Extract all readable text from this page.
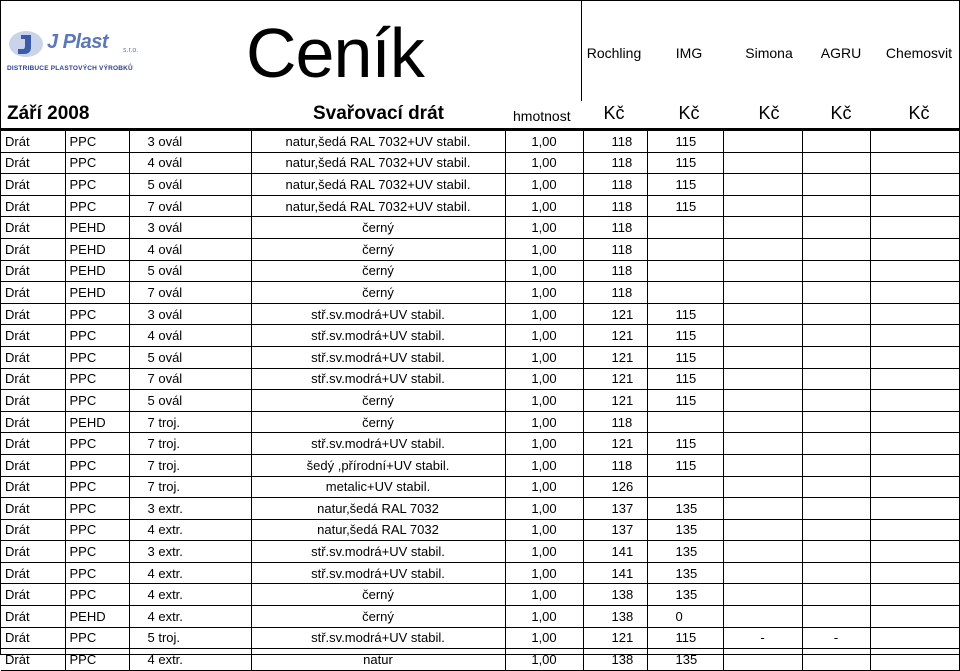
J Plast s.r.o.
DISTRIBUCE PLASTOVÝCH VÝROBKŮ Ceník	Rochling	IMG	Simona	AGRU	Chemosvit
Září 2008	Svařovací drát	hmotnost	Kč	Kč	Kč	Kč	Kč
Drát	PPC	3 ovál	natur,šedá RAL 7032+UV stabil.	1,00	118	115			
Drát	PPC	4 ovál	natur,šedá RAL 7032+UV stabil.	1,00	118	115			
Drát	PPC	5 ovál	natur,šedá RAL 7032+UV stabil.	1,00	118	115			
Drát	PPC	7 ovál	natur,šedá RAL 7032+UV stabil.	1,00	118	115			
Drát	PEHD	3 ovál	černý	1,00	118				
Drát	PEHD	4 ovál	černý	1,00	118				
Drát	PEHD	5 ovál	černý	1,00	118				
Drát	PEHD	7 ovál	černý	1,00	118				
Drát	PPC	3 ovál	stř.sv.modrá+UV stabil.	1,00	121	115			
Drát	PPC	4 ovál	stř.sv.modrá+UV stabil.	1,00	121	115			
Drát	PPC	5 ovál	stř.sv.modrá+UV stabil.	1,00	121	115			
Drát	PPC	7 ovál	stř.sv.modrá+UV stabil.	1,00	121	115			
Drát	PPC	5 ovál	černý	1,00	121	115			
Drát	PEHD	7 troj.	černý	1,00	118				
Drát	PPC	7 troj.	stř.sv.modrá+UV stabil.	1,00	121	115			
Drát	PPC	7 troj.	šedý ,přírodní+UV stabil.	1,00	118	115			
Drát	PPC	7 troj.	metalic+UV stabil.	1,00	126				
Drát	PPC	3 extr.	natur,šedá RAL 7032	1,00	137	135			
Drát	PPC	4 extr.	natur,šedá RAL 7032	1,00	137	135			
Drát	PPC	3 extr.	stř.sv.modrá+UV stabil.	1,00	141	135			
Drát	PPC	4 extr.	stř.sv.modrá+UV stabil.	1,00	141	135			
Drát	PPC	4 extr.	černý	1,00	138	135			
Drát	PEHD	4 extr.	černý	1,00	138	0			
Drát	PPC	5 troj.	stř.sv.modrá+UV stabil.	1,00	121	115	-	-	
Drát	PPC	4 extr.	natur	1,00	138	135			
